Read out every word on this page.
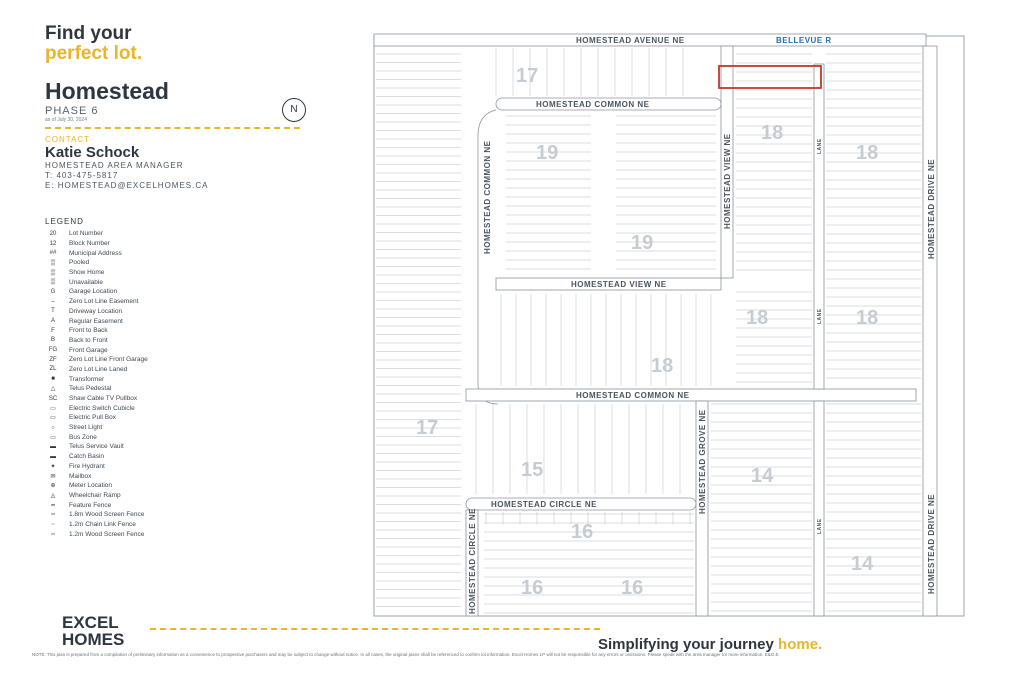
Find your
perfect lot.
Homestead
PHASE 6
as of July 30, 2024
CONTACT
Katie Schock
HOMESTEAD AREA MANAGER
T: 403-475-5817
E: HOMESTEAD@EXCELHOMES.CA
N
LEGEND
20	Lot Number
12	Block Number
##	Municipal Address
▒	Pooled
▒	Show Home
▒	Unavailable
G	Garage Location
‒	Zero Lot Line Easement
T	Driveway Location
A	Regular Easement
F	Front to Back
B	Back to Front
FG	Front Garage
ZF	Zero Lot Line Front Garage
ZL	Zero Lot Line Laned
■	Transformer
△	Telus Pedestal
SC	Shaw Cable TV Pullbox
▭	Electric Switch Cubicle
▭	Electric Pull Box
○	Street Light
▭	Bus Zone
▬	Telus Service Vault
▬	Catch Basin
✦	Fire Hydrant
✉	Mailbox
⊕	Meter Location
◬	Wheelchair Ramp
━	Feature Fence
┅	1.8m Wood Screen Fence
┄	1.2m Chain Link Fence
┉	1.2m Wood Screen Fence
EXCEL
HOMES	Simplifying your journey home.
NOTE: This plan is prepared from a compilation of preliminary information as a convenience to prospective purchasers and may be subject to change without notice. In all cases, the original plans shall be referenced to confirm lot information. Excel Homes LP will not be responsible for any errors or omissions. Please speak with the area manager for more information. E&O.E.
HOMESTEAD AVENUE NE	BELLEVUE R
HOMESTEAD COMMON NE
HOMESTEAD COMMON NE
HOMESTEAD VIEW NE
HOMESTEAD VIEW NE
HOMESTEAD COMMON NE
HOMESTEAD GROVE NE
HOMESTEAD CIRCLE NE
HOMESTEAD CIRCLE NE
HOMESTEAD DRIVE NE
HOMESTEAD DRIVE NE
LANE
LANE
LANE
17
19
19
18
18
18	18
18
17
15	14
14
16
16	16
